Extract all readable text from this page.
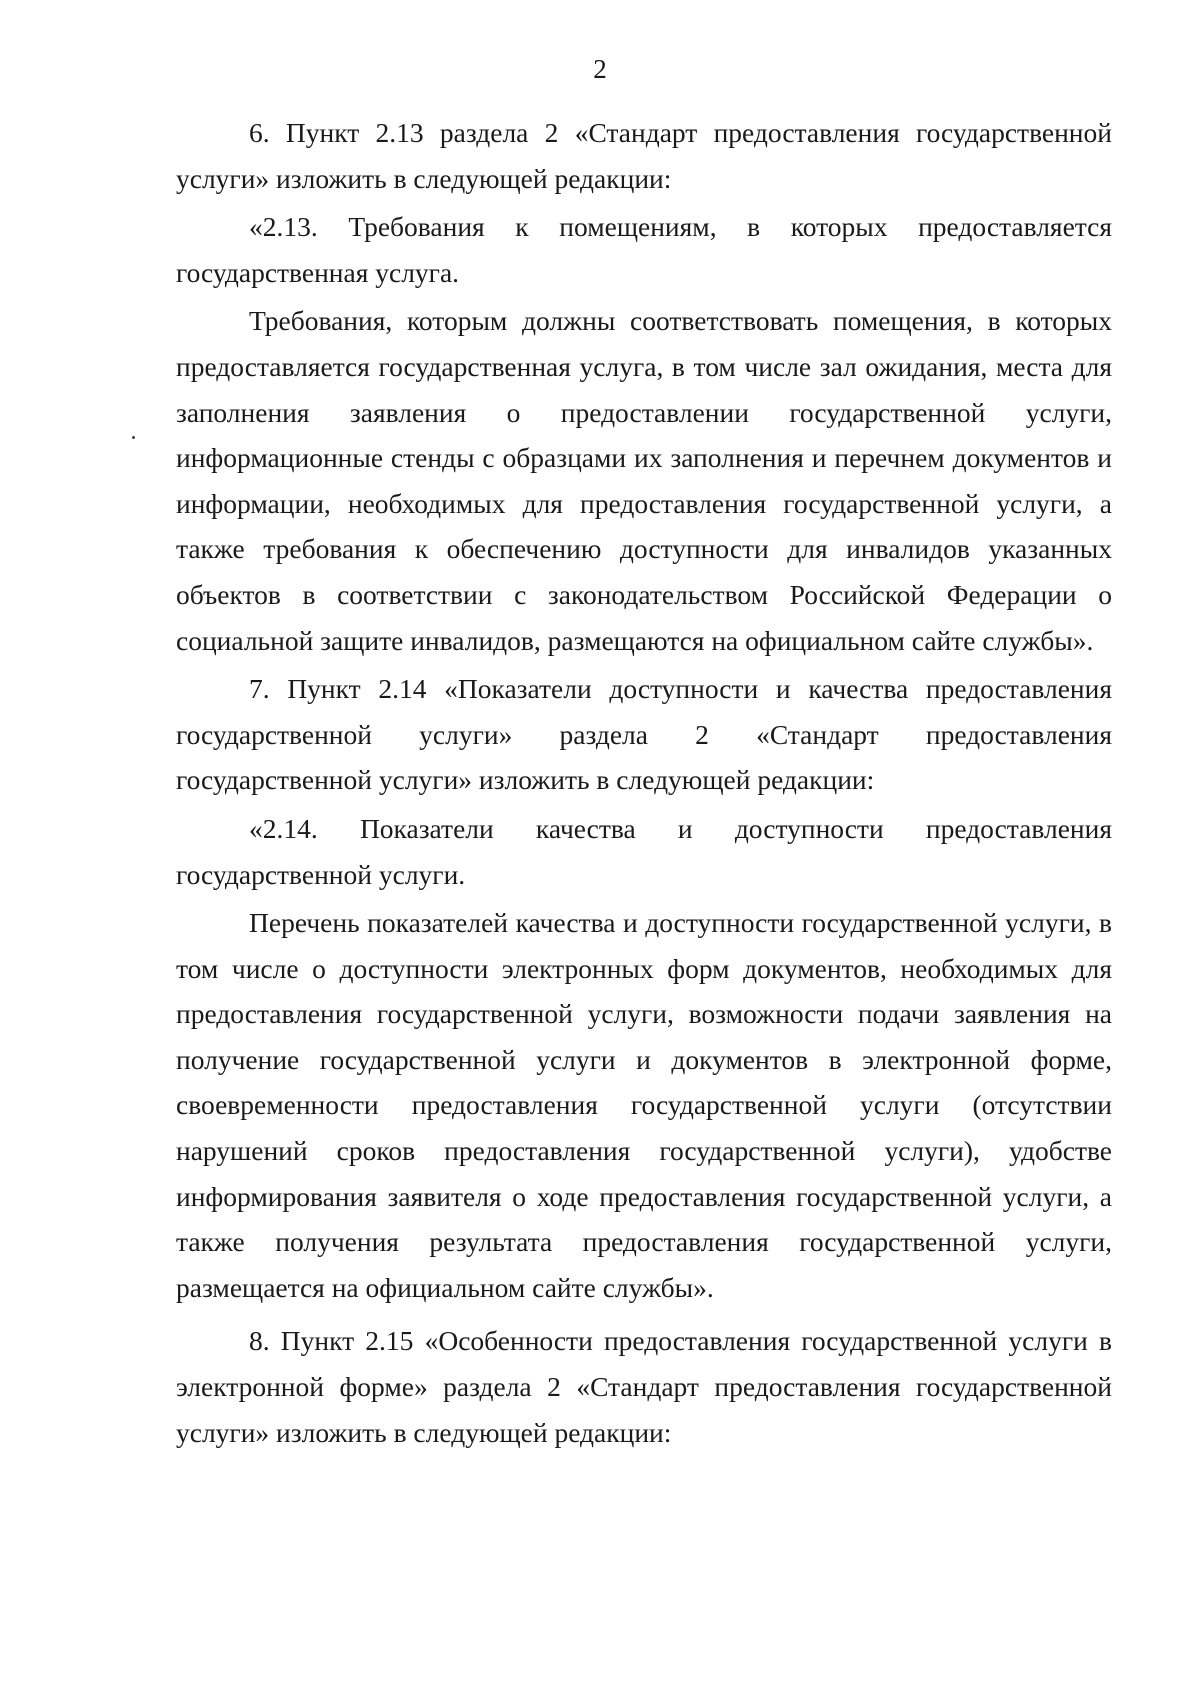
2

6. Пункт 2.13 раздела 2 «Стандарт предоставления государственной услуги» изложить в следующей редакции:

«2.13. Требования к помещениям, в которых предоставляется государственная услуга.

Требования, которым должны соответствовать помещения, в которых предоставляется государственная услуга, в том числе зал ожидания, места для заполнения заявления о предоставлении государственной услуги, информационные стенды с образцами их заполнения и перечнем документов и информации, необходимых для предоставления государственной услуги, а также требования к обеспечению доступности для инвалидов указанных объектов в соответствии с законодательством Российской Федерации о социальной защите инвалидов, размещаются на официальном сайте службы».

7. Пункт 2.14 «Показатели доступности и качества предоставления государственной услуги» раздела 2 «Стандарт предоставления государственной услуги» изложить в следующей редакции:

«2.14. Показатели качества и доступности предоставления государственной услуги.

Перечень показателей качества и доступности государственной услуги, в том числе о доступности электронных форм документов, необходимых для предоставления государственной услуги, возможности подачи заявления на получение государственной услуги и документов в электронной форме, своевременности предоставления государственной услуги (отсутствии нарушений сроков предоставления государственной услуги), удобстве информирования заявителя о ходе предоставления государственной услуги, а также получения результата предоставления государственной услуги, размещается на официальном сайте службы».

8. Пункт 2.15 «Особенности предоставления государственной услуги в электронной форме» раздела 2 «Стандарт предоставления государственной услуги» изложить в следующей редакции:
